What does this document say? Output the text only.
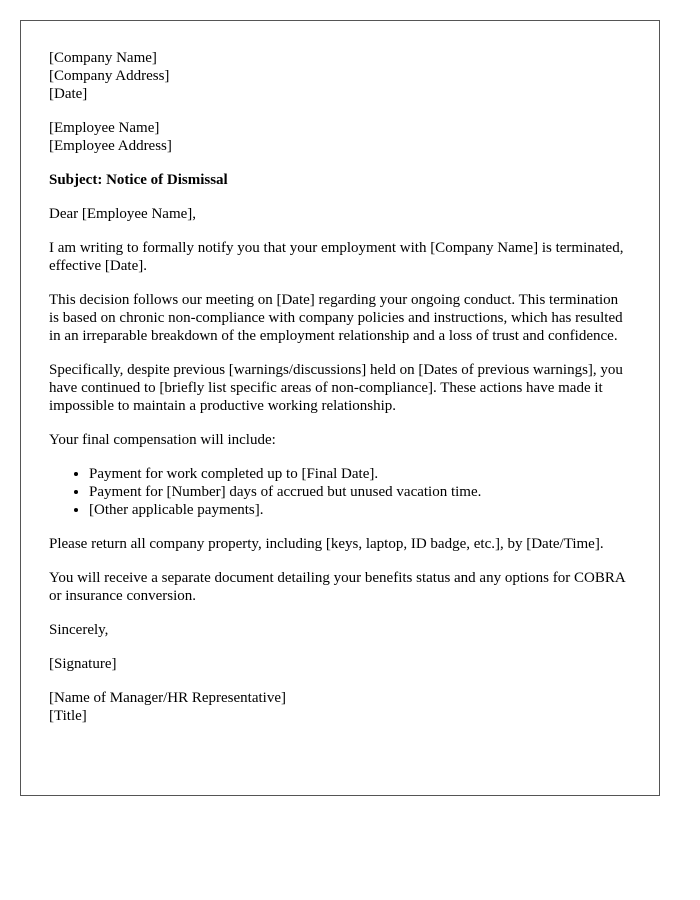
[Company Name]
[Company Address]
[Date]
[Employee Name]
[Employee Address]
Subject: Notice of Dismissal

Dear [Employee Name],

I am writing to formally notify you that your employment with [Company Name] is terminated, effective [Date].

This decision follows our meeting on [Date] regarding your ongoing conduct. This termination is based on chronic non-compliance with company policies and instructions, which has resulted in an irreparable breakdown of the employment relationship and a loss of trust and confidence.

Specifically, despite previous [warnings/discussions] held on [Dates of previous warnings], you have continued to [briefly list specific areas of non-compliance]. These actions have made it impossible to maintain a productive working relationship.

Your final compensation will include:

• Payment for work completed up to [Final Date].
• Payment for [Number] days of accrued but unused vacation time.
• [Other applicable payments].

Please return all company property, including [keys, laptop, ID badge, etc.], by [Date/Time].

You will receive a separate document detailing your benefits status and any options for COBRA or insurance conversion.

Sincerely,

[Signature]

[Name of Manager/HR Representative]
[Title]
